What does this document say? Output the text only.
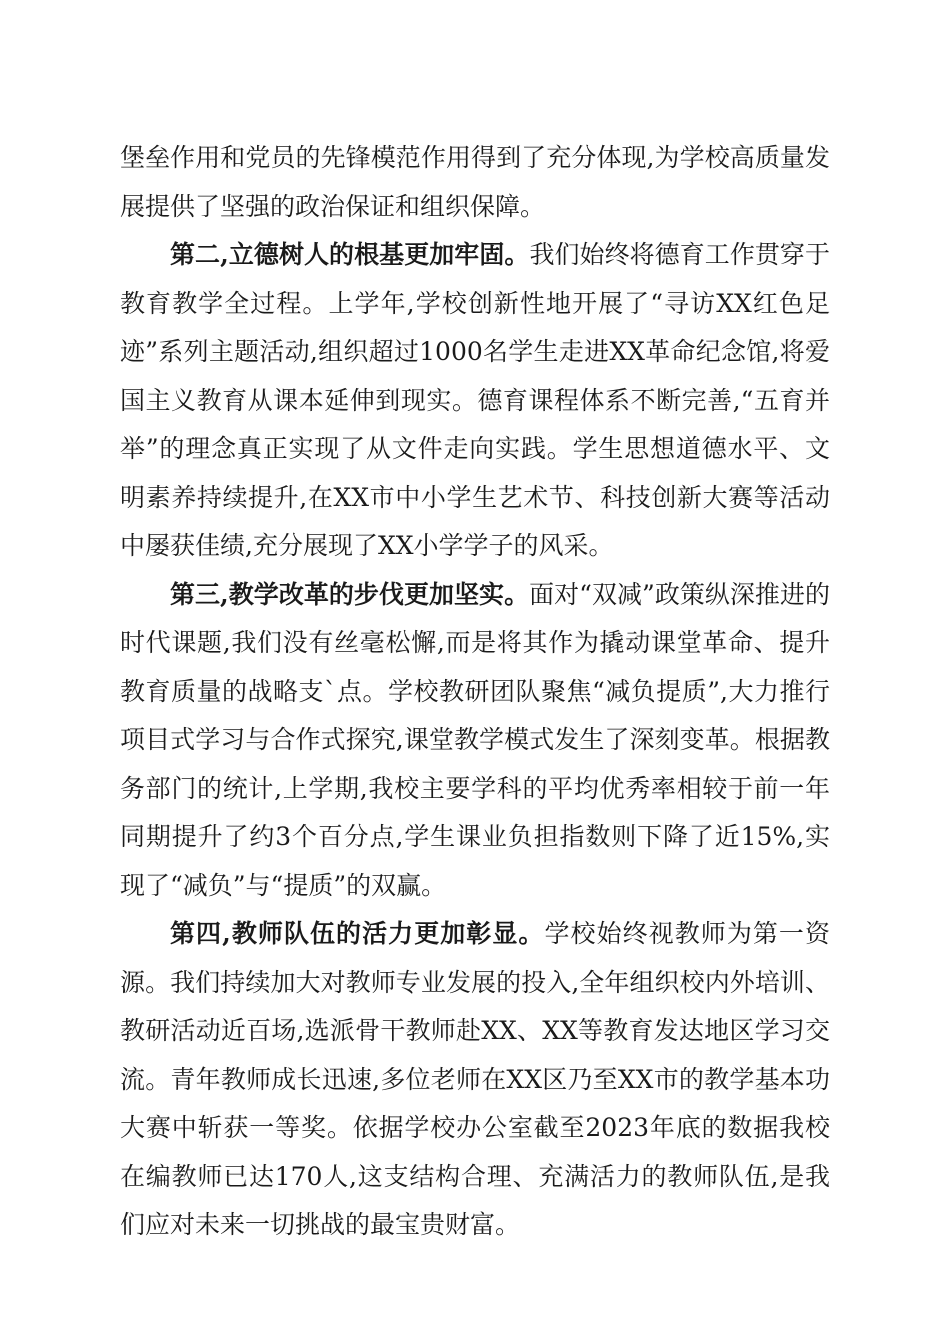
堡垒作用和党员的先锋模范作用得到了充分体现,为学校高质量发展提供了坚强的政治保证和组织保障。

第二,立德树人的根基更加牢固。我们始终将德育工作贯穿于教育教学全过程。上学年,学校创新性地开展了“寻访XX红色足迹”系列主题活动,组织超过1000名学生走进XX革命纪念馆,将爱国主义教育从课本延伸到现实。德育课程体系不断完善,“五育并举”的理念真正实现了从文件走向实践。学生思想道德水平、文明素养持续提升,在XX市中小学生艺术节、科技创新大赛等活动中屡获佳绩,充分展现了XX小学学子的风采。

第三,教学改革的步伐更加坚实。面对“双减”政策纵深推进的时代课题,我们没有丝毫松懈,而是将其作为撬动课堂革命、提升教育质量的战略支`点。学校教研团队聚焦“减负提质”,大力推行项目式学习与合作式探究,课堂教学模式发生了深刻变革。根据教务部门的统计,上学期,我校主要学科的平均优秀率相较于前一年同期提升了约3个百分点,学生课业负担指数则下降了近15%,实现了“减负”与“提质”的双赢。

第四,教师队伍的活力更加彰显。学校始终视教师为第一资源。我们持续加大对教师专业发展的投入,全年组织校内外培训、教研活动近百场,选派骨干教师赴XX、XX等教育发达地区学习交流。青年教师成长迅速,多位老师在XX区乃至XX市的教学基本功大赛中斩获一等奖。依据学校办公室截至2023年底的数据我校在编教师已达170人,这支结构合理、充满活力的教师队伍,是我们应对未来一切挑战的最宝贵财富。
